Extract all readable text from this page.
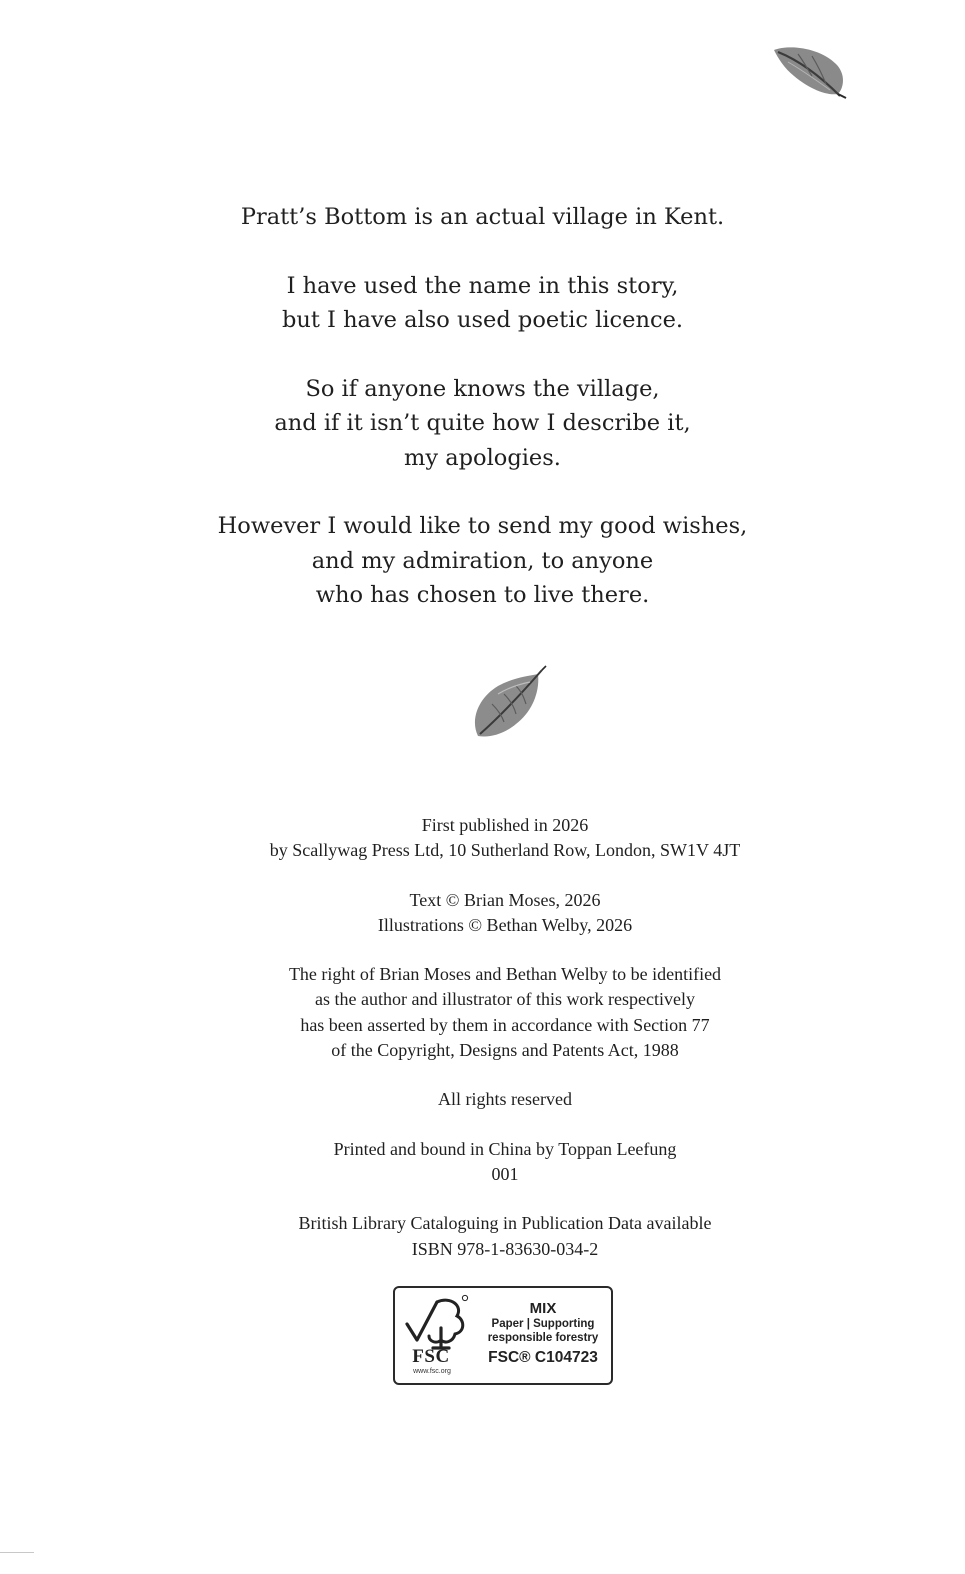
Pratt’s Bottom is an actual village in Kent.

I have used the name in this story,
but I have also used poetic licence.

So if anyone knows the village,
and if it isn’t quite how I describe it,
my apologies.

However I would like to send my good wishes,
and my admiration, to anyone
who has chosen to live there.

First published in 2026
by Scallywag Press Ltd, 10 Sutherland Row, London, SW1V 4JT

Text © Brian Moses, 2026
Illustrations © Bethan Welby, 2026

The right of Brian Moses and Bethan Welby to be identified
as the author and illustrator of this work respectively
has been asserted by them in accordance with Section 77
of the Copyright, Designs and Patents Act, 1988

All rights reserved

Printed and bound in China by Toppan Leefung
001

British Library Cataloguing in Publication Data available
ISBN 978-1-83630-034-2

FSC
www.fsc.org
MIX
Paper | Supporting
responsible forestry
FSC® C104723
